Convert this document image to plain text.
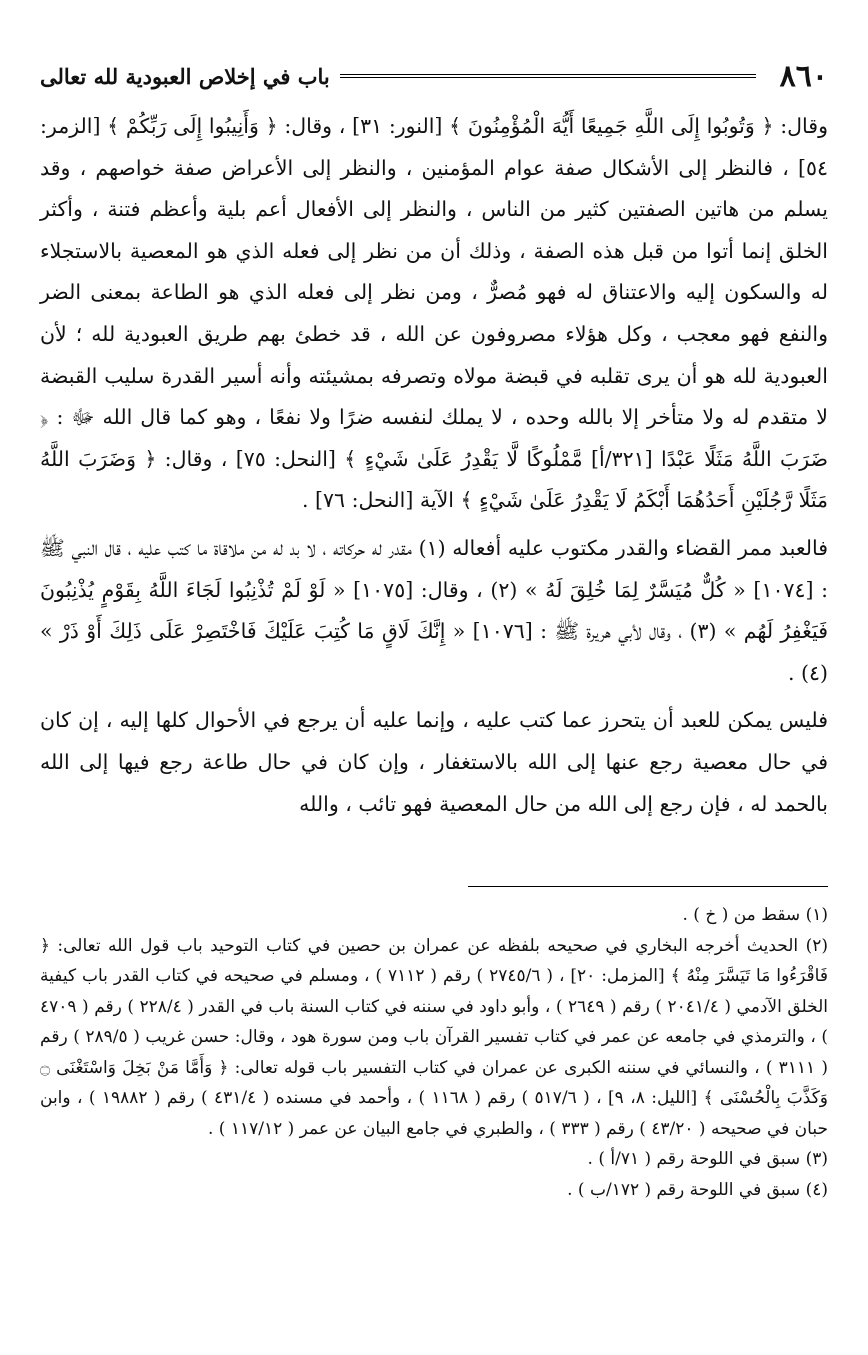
٨٦٠
باب في إخلاص العبودية لله تعالى

وقال: ﴿ وَتُوبُوا إِلَى اللَّهِ جَمِيعًا أَيُّهَ الْمُؤْمِنُونَ ﴾ [النور: ٣١] ، وقال: ﴿ وَأَنِيبُوا إِلَى رَبِّكُمْ ﴾ [الزمر: ٥٤] ، فالنظر إلى الأشكال صفة عوام المؤمنين ، والنظر إلى الأعراض صفة خواصهم ، وقد يسلم من هاتين الصفتين كثير من الناس ، والنظر إلى الأفعال أعم بلية وأعظم فتنة ، وأكثر الخلق إنما أتوا من قبل هذه الصفة ، وذلك أن من نظر إلى فعله الذي هو المعصية بالاستجلاء له والسكون إليه والاعتناق له فهو مُصرٌّ ، ومن نظر إلى فعله الذي هو الطاعة بمعنى الضر والنفع فهو معجب ، وكل هؤلاء مصروفون عن الله ، قد خطئ بهم طريق العبودية لله ؛ لأن العبودية لله هو أن يرى تقلبه في قبضة مولاه وتصرفه بمشيئته وأنه أسير القدرة سليب القبضة لا متقدم له ولا متأخر إلا بالله وحده ، لا يملك لنفسه ضرًا ولا نفعًا ، وهو كما قال الله ﷻ : ﴿ ضَرَبَ اللَّهُ مَثَلًا عَبْدًا [٣٢١/أ] مَّمْلُوكًا لَّا يَقْدِرُ عَلَىٰ شَيْءٍ ﴾ [النحل: ٧٥] ، وقال: ﴿ وَضَرَبَ اللَّهُ مَثَلًا رَّجُلَيْنِ أَحَدُهُمَا أَبْكَمُ لَا يَقْدِرُ عَلَىٰ شَيْءٍ ﴾ الآية [النحل: ٧٦] .

فالعبد ممر القضاء والقدر مكتوب عليه أفعاله (١) مقدر له حركاته ، لا بد له من ملاقاة ما كتب عليه ، قال النبي ﷺ : [١٠٧٤] « كُلٌّ مُيَسَّرٌ لِمَا خُلِقَ لَهُ » (٢) ، وقال: [١٠٧٥] « لَوْ لَمْ تُذْنِبُوا لَجَاءَ اللَّهُ بِقَوْمٍ يُذْنِبُونَ فَيَغْفِرُ لَهُم » (٣) ، وقال لأبي هريرة ﷺ : [١٠٧٦] « إِنَّكَ لَاقٍ مَا كُتِبَ عَلَيْكَ فَاخْتَصِرْ عَلَى ذَلِكَ أَوْ ذَرْ » (٤) .

فليس يمكن للعبد أن يتحرز عما كتب عليه ، وإنما عليه أن يرجع في الأحوال كلها إليه ، إن كان في حال معصية رجع عنها إلى الله بالاستغفار ، وإن كان في حال طاعة رجع فيها إلى الله بالحمد له ، فإن رجع إلى الله من حال المعصية فهو تائب ، والله

(١) سقط من ( خ ) .

(٢) الحديث أخرجه البخاري في صحيحه بلفظه عن عمران بن حصين في كتاب التوحيد باب قول الله تعالى: ﴿ فَاقْرَءُوا مَا تَيَسَّرَ مِنْهُ ﴾ [المزمل: ٢٠] ، ( ٢٧٤٥/٦ ) رقم ( ٧١١٢ ) ، ومسلم في صحيحه في كتاب القدر باب كيفية الخلق الآدمي ( ٢٠٤١/٤ ) رقم ( ٢٦٤٩ ) ، وأبو داود في سننه في كتاب السنة باب في القدر ( ٢٢٨/٤ ) رقم ( ٤٧٠٩ ) ، والترمذي في جامعه عن عمر في كتاب تفسير القرآن باب ومن سورة هود ، وقال: حسن غريب ( ٢٨٩/٥ ) رقم ( ٣١١١ ) ، والنسائي في سننه الكبرى عن عمران في كتاب التفسير باب قوله تعالى: ﴿ وَأَمَّا مَنْ بَخِلَ وَاسْتَغْنَى ۝ وَكَذَّبَ بِالْحُسْنَى ﴾ [الليل: ٨، ٩] ، ( ٥١٧/٦ ) رقم ( ١١٦٨ ) ، وأحمد في مسنده ( ٤٣١/٤ ) رقم ( ١٩٨٨٢ ) ، وابن حبان في صحيحه ( ٤٣/٢٠ ) رقم ( ٣٣٣ ) ، والطبري في جامع البيان عن عمر ( ١١٧/١٢ ) .

(٣) سبق في اللوحة رقم ( ٧١/أ ) .

(٤) سبق في اللوحة رقم ( ١٧٢/ب ) .
